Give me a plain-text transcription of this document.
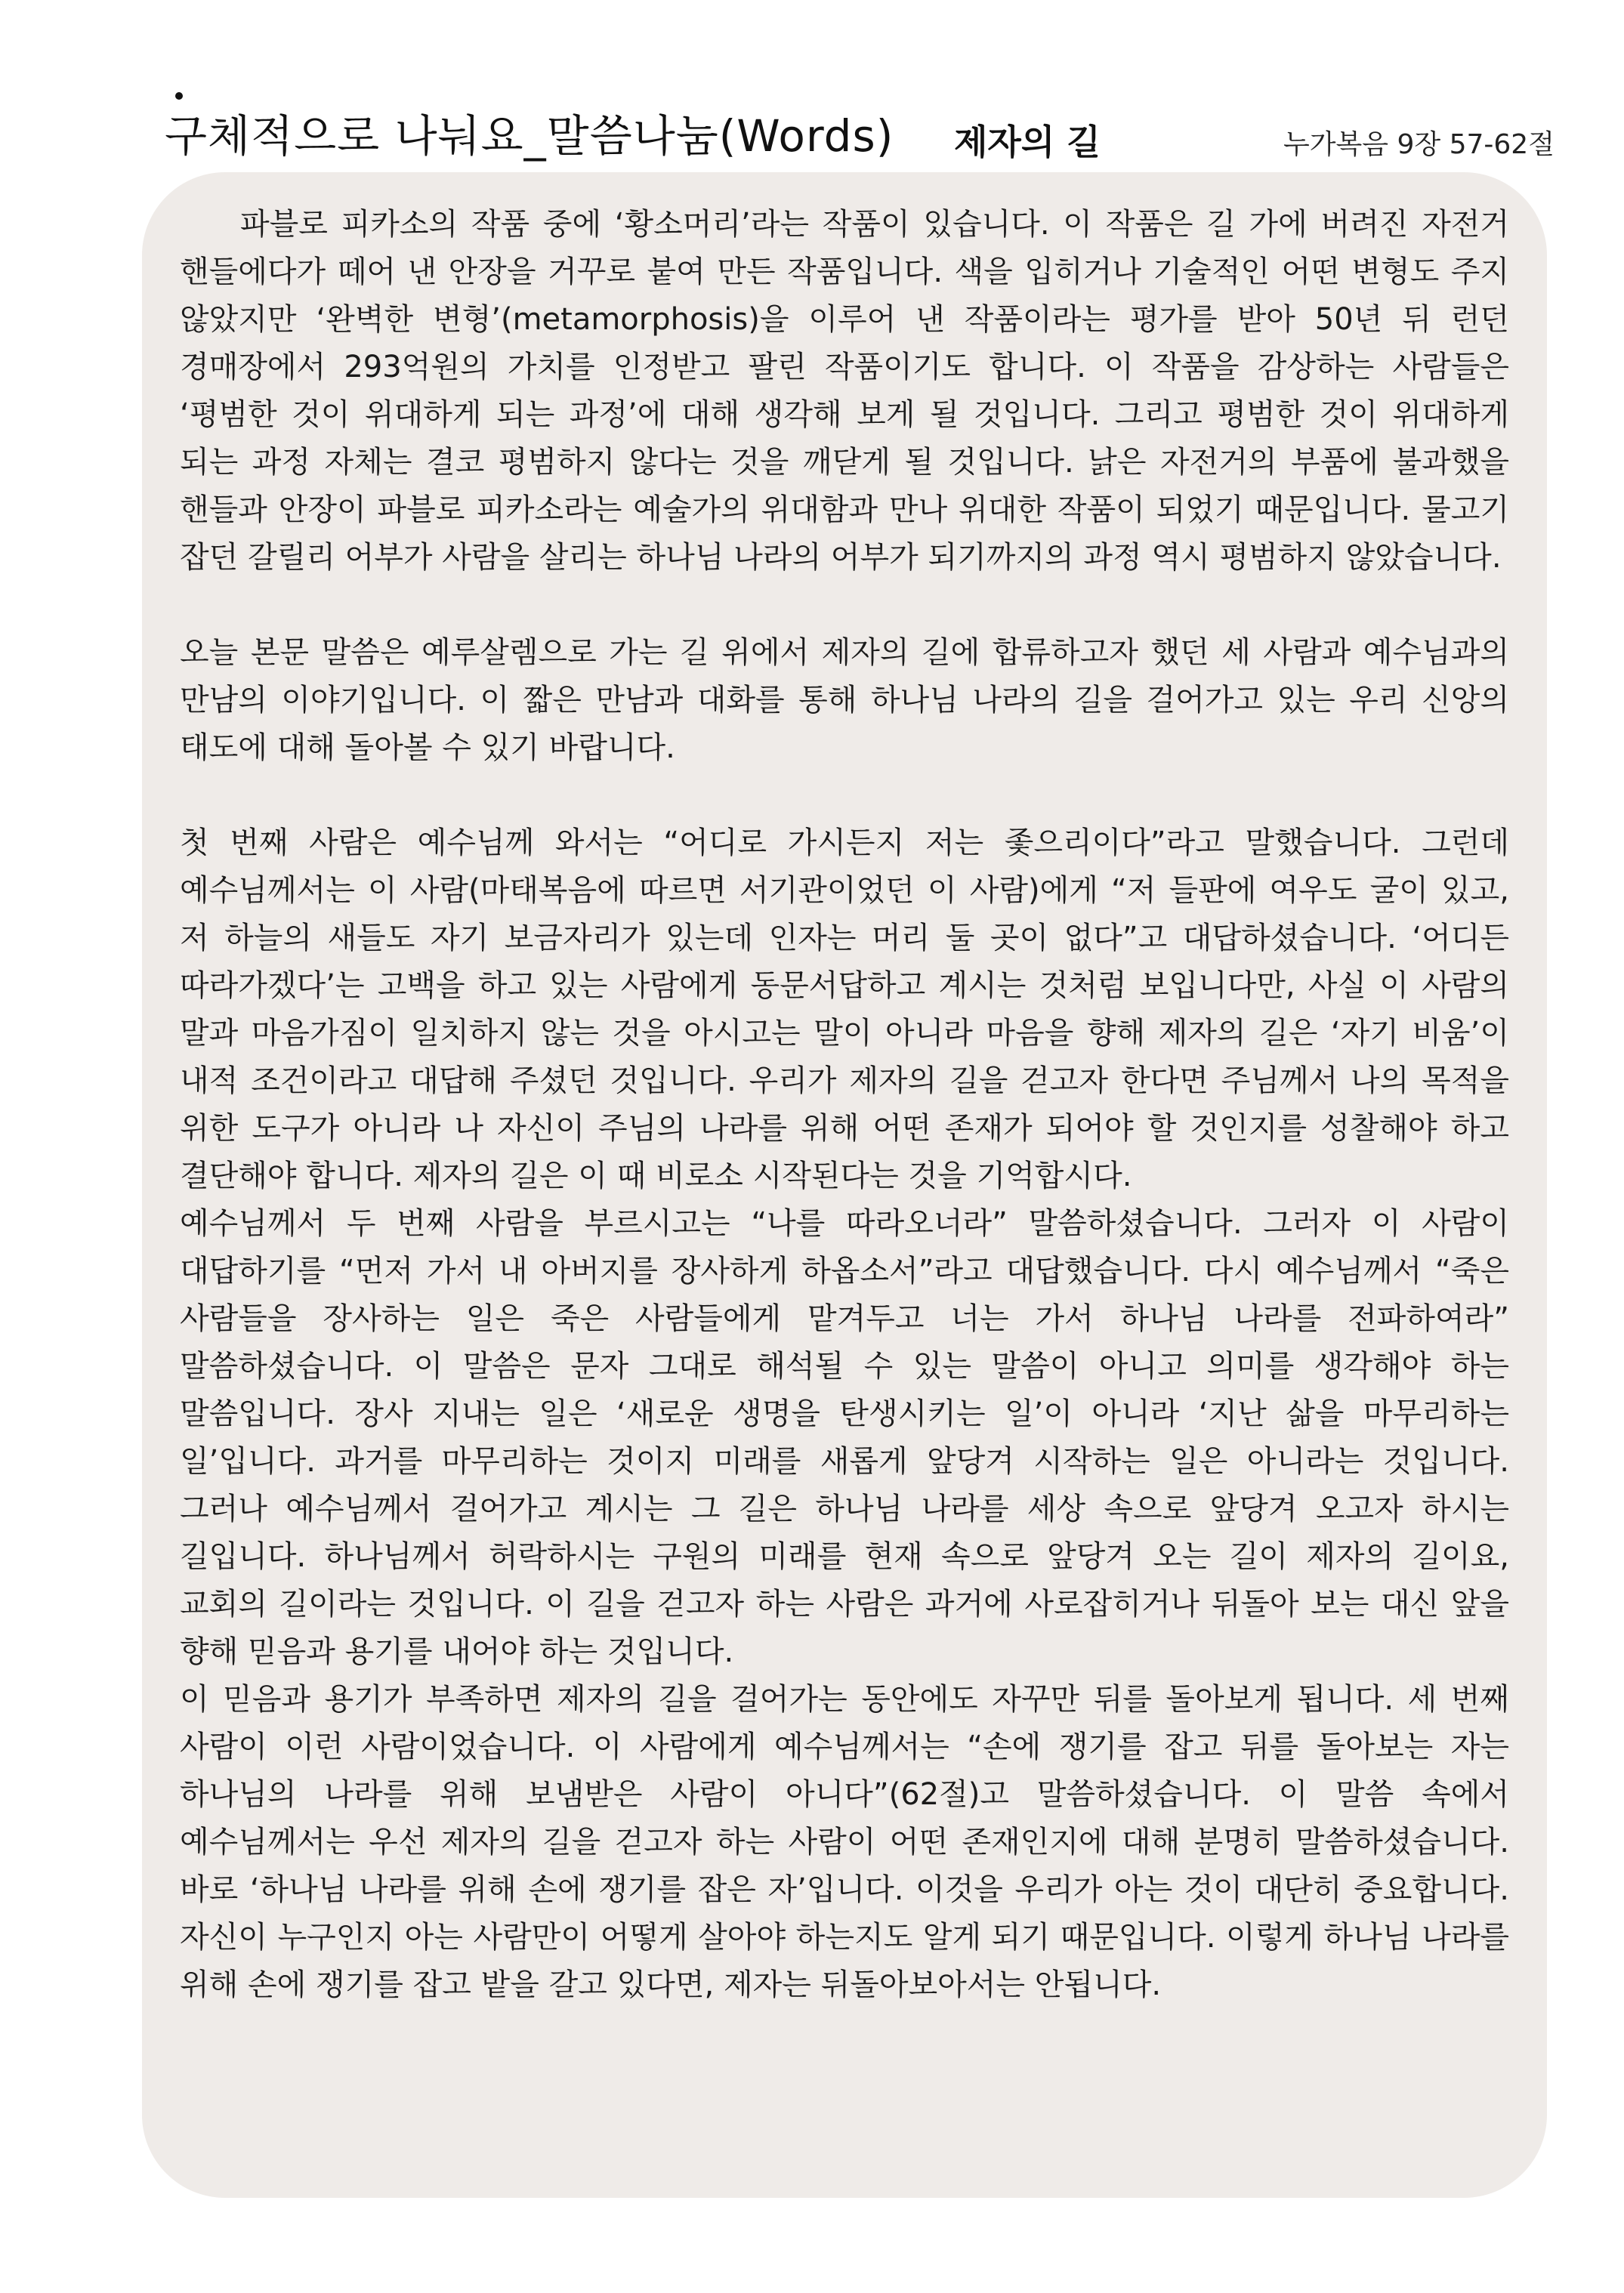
구체적으로 나눠요_말씀나눔(Words) 제자의 길	누가복음 9장 57-62절

파블로 피카소의 작품 중에 ‘황소머리’라는 작품이 있습니다. 이 작품은 길 가에 버려진 자전거 핸들에다가 떼어 낸 안장을 거꾸로 붙여 만든 작품입니다. 색을 입히거나 기술적인 어떤 변형도 주지 않았지만 ‘완벽한 변형’(metamorphosis)을 이루어 낸 작품이라는 평가를 받아 50년 뒤 런던 경매장에서 293억원의 가치를 인정받고 팔린 작품이기도 합니다. 이 작품을 감상하는 사람들은 ‘평범한 것이 위대하게 되는 과정’에 대해 생각해 보게 될 것입니다. 그리고 평범한 것이 위대하게 되는 과정 자체는 결코 평범하지 않다는 것을 깨닫게 될 것입니다. 낡은 자전거의 부품에 불과했을 핸들과 안장이 파블로 피카소라는 예술가의 위대함과 만나 위대한 작품이 되었기 때문입니다. 물고기 잡던 갈릴리 어부가 사람을 살리는 하나님 나라의 어부가 되기까지의 과정 역시 평범하지 않았습니다.

오늘 본문 말씀은 예루살렘으로 가는 길 위에서 제자의 길에 합류하고자 했던 세 사람과 예수님과의 만남의 이야기입니다. 이 짧은 만남과 대화를 통해 하나님 나라의 길을 걸어가고 있는 우리 신앙의 태도에 대해 돌아볼 수 있기 바랍니다.

첫 번째 사람은 예수님께 와서는 “어디로 가시든지 저는 좇으리이다”라고 말했습니다. 그런데 예수님께서는 이 사람(마태복음에 따르면 서기관이었던 이 사람)에게 “저 들판에 여우도 굴이 있고, 저 하늘의 새들도 자기 보금자리가 있는데 인자는 머리 둘 곳이 없다”고 대답하셨습니다. ‘어디든 따라가겠다’는 고백을 하고 있는 사람에게 동문서답하고 계시는 것처럼 보입니다만, 사실 이 사람의 말과 마음가짐이 일치하지 않는 것을 아시고는 말이 아니라 마음을 향해 제자의 길은 ‘자기 비움’이 내적 조건이라고 대답해 주셨던 것입니다. 우리가 제자의 길을 걷고자 한다면 주님께서 나의 목적을 위한 도구가 아니라 나 자신이 주님의 나라를 위해 어떤 존재가 되어야 할 것인지를 성찰해야 하고 결단해야 합니다. 제자의 길은 이 때 비로소 시작된다는 것을 기억합시다.

예수님께서 두 번째 사람을 부르시고는 “나를 따라오너라” 말씀하셨습니다. 그러자 이 사람이 대답하기를 “먼저 가서 내 아버지를 장사하게 하옵소서”라고 대답했습니다. 다시 예수님께서 “죽은 사람들을 장사하는 일은 죽은 사람들에게 맡겨두고 너는 가서 하나님 나라를 전파하여라” 말씀하셨습니다. 이 말씀은 문자 그대로 해석될 수 있는 말씀이 아니고 의미를 생각해야 하는 말씀입니다. 장사 지내는 일은 ‘새로운 생명을 탄생시키는 일’이 아니라 ‘지난 삶을 마무리하는 일’입니다. 과거를 마무리하는 것이지 미래를 새롭게 앞당겨 시작하는 일은 아니라는 것입니다. 그러나 예수님께서 걸어가고 계시는 그 길은 하나님 나라를 세상 속으로 앞당겨 오고자 하시는 길입니다. 하나님께서 허락하시는 구원의 미래를 현재 속으로 앞당겨 오는 길이 제자의 길이요, 교회의 길이라는 것입니다. 이 길을 걷고자 하는 사람은 과거에 사로잡히거나 뒤돌아 보는 대신 앞을 향해 믿음과 용기를 내어야 하는 것입니다.

이 믿음과 용기가 부족하면 제자의 길을 걸어가는 동안에도 자꾸만 뒤를 돌아보게 됩니다. 세 번째 사람이 이런 사람이었습니다. 이 사람에게 예수님께서는 “손에 쟁기를 잡고 뒤를 돌아보는 자는 하나님의 나라를 위해 보냄받은 사람이 아니다”(62절)고 말씀하셨습니다. 이 말씀 속에서 예수님께서는 우선 제자의 길을 걷고자 하는 사람이 어떤 존재인지에 대해 분명히 말씀하셨습니다. 바로 ‘하나님 나라를 위해 손에 쟁기를 잡은 자’입니다. 이것을 우리가 아는 것이 대단히 중요합니다. 자신이 누구인지 아는 사람만이 어떻게 살아야 하는지도 알게 되기 때문입니다. 이렇게 하나님 나라를 위해 손에 쟁기를 잡고 밭을 갈고 있다면, 제자는 뒤돌아보아서는 안됩니다.
